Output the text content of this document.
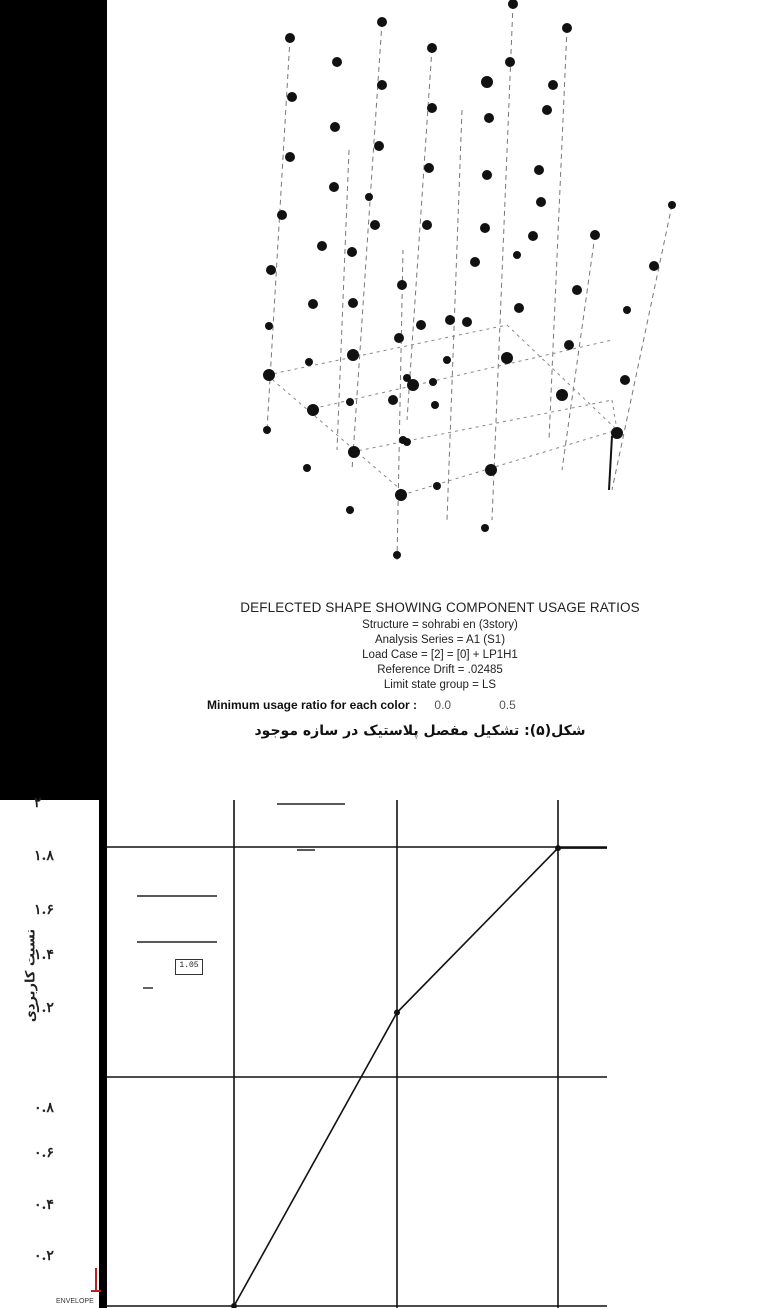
DEFLECTED SHAPE SHOWING COMPONENT USAGE RATIOS
Structure = sohrabi en (3story)
Analysis Series = A1 (S1)
Load Case = [2] = [0] + LP1H1
Reference Drift = .02485
Limit state group = LS
Minimum usage ratio for each color : 0.0	0.5
شکل(۵): تشکیل مفصل پلاستیک در سازه موجود
نسبت کاربردی
۲
۱.۸
۱.۶
۱.۴
۱.۲
۰.۸
۰.۶
۰.۴
۰.۲
ENVELOPE
1.05
